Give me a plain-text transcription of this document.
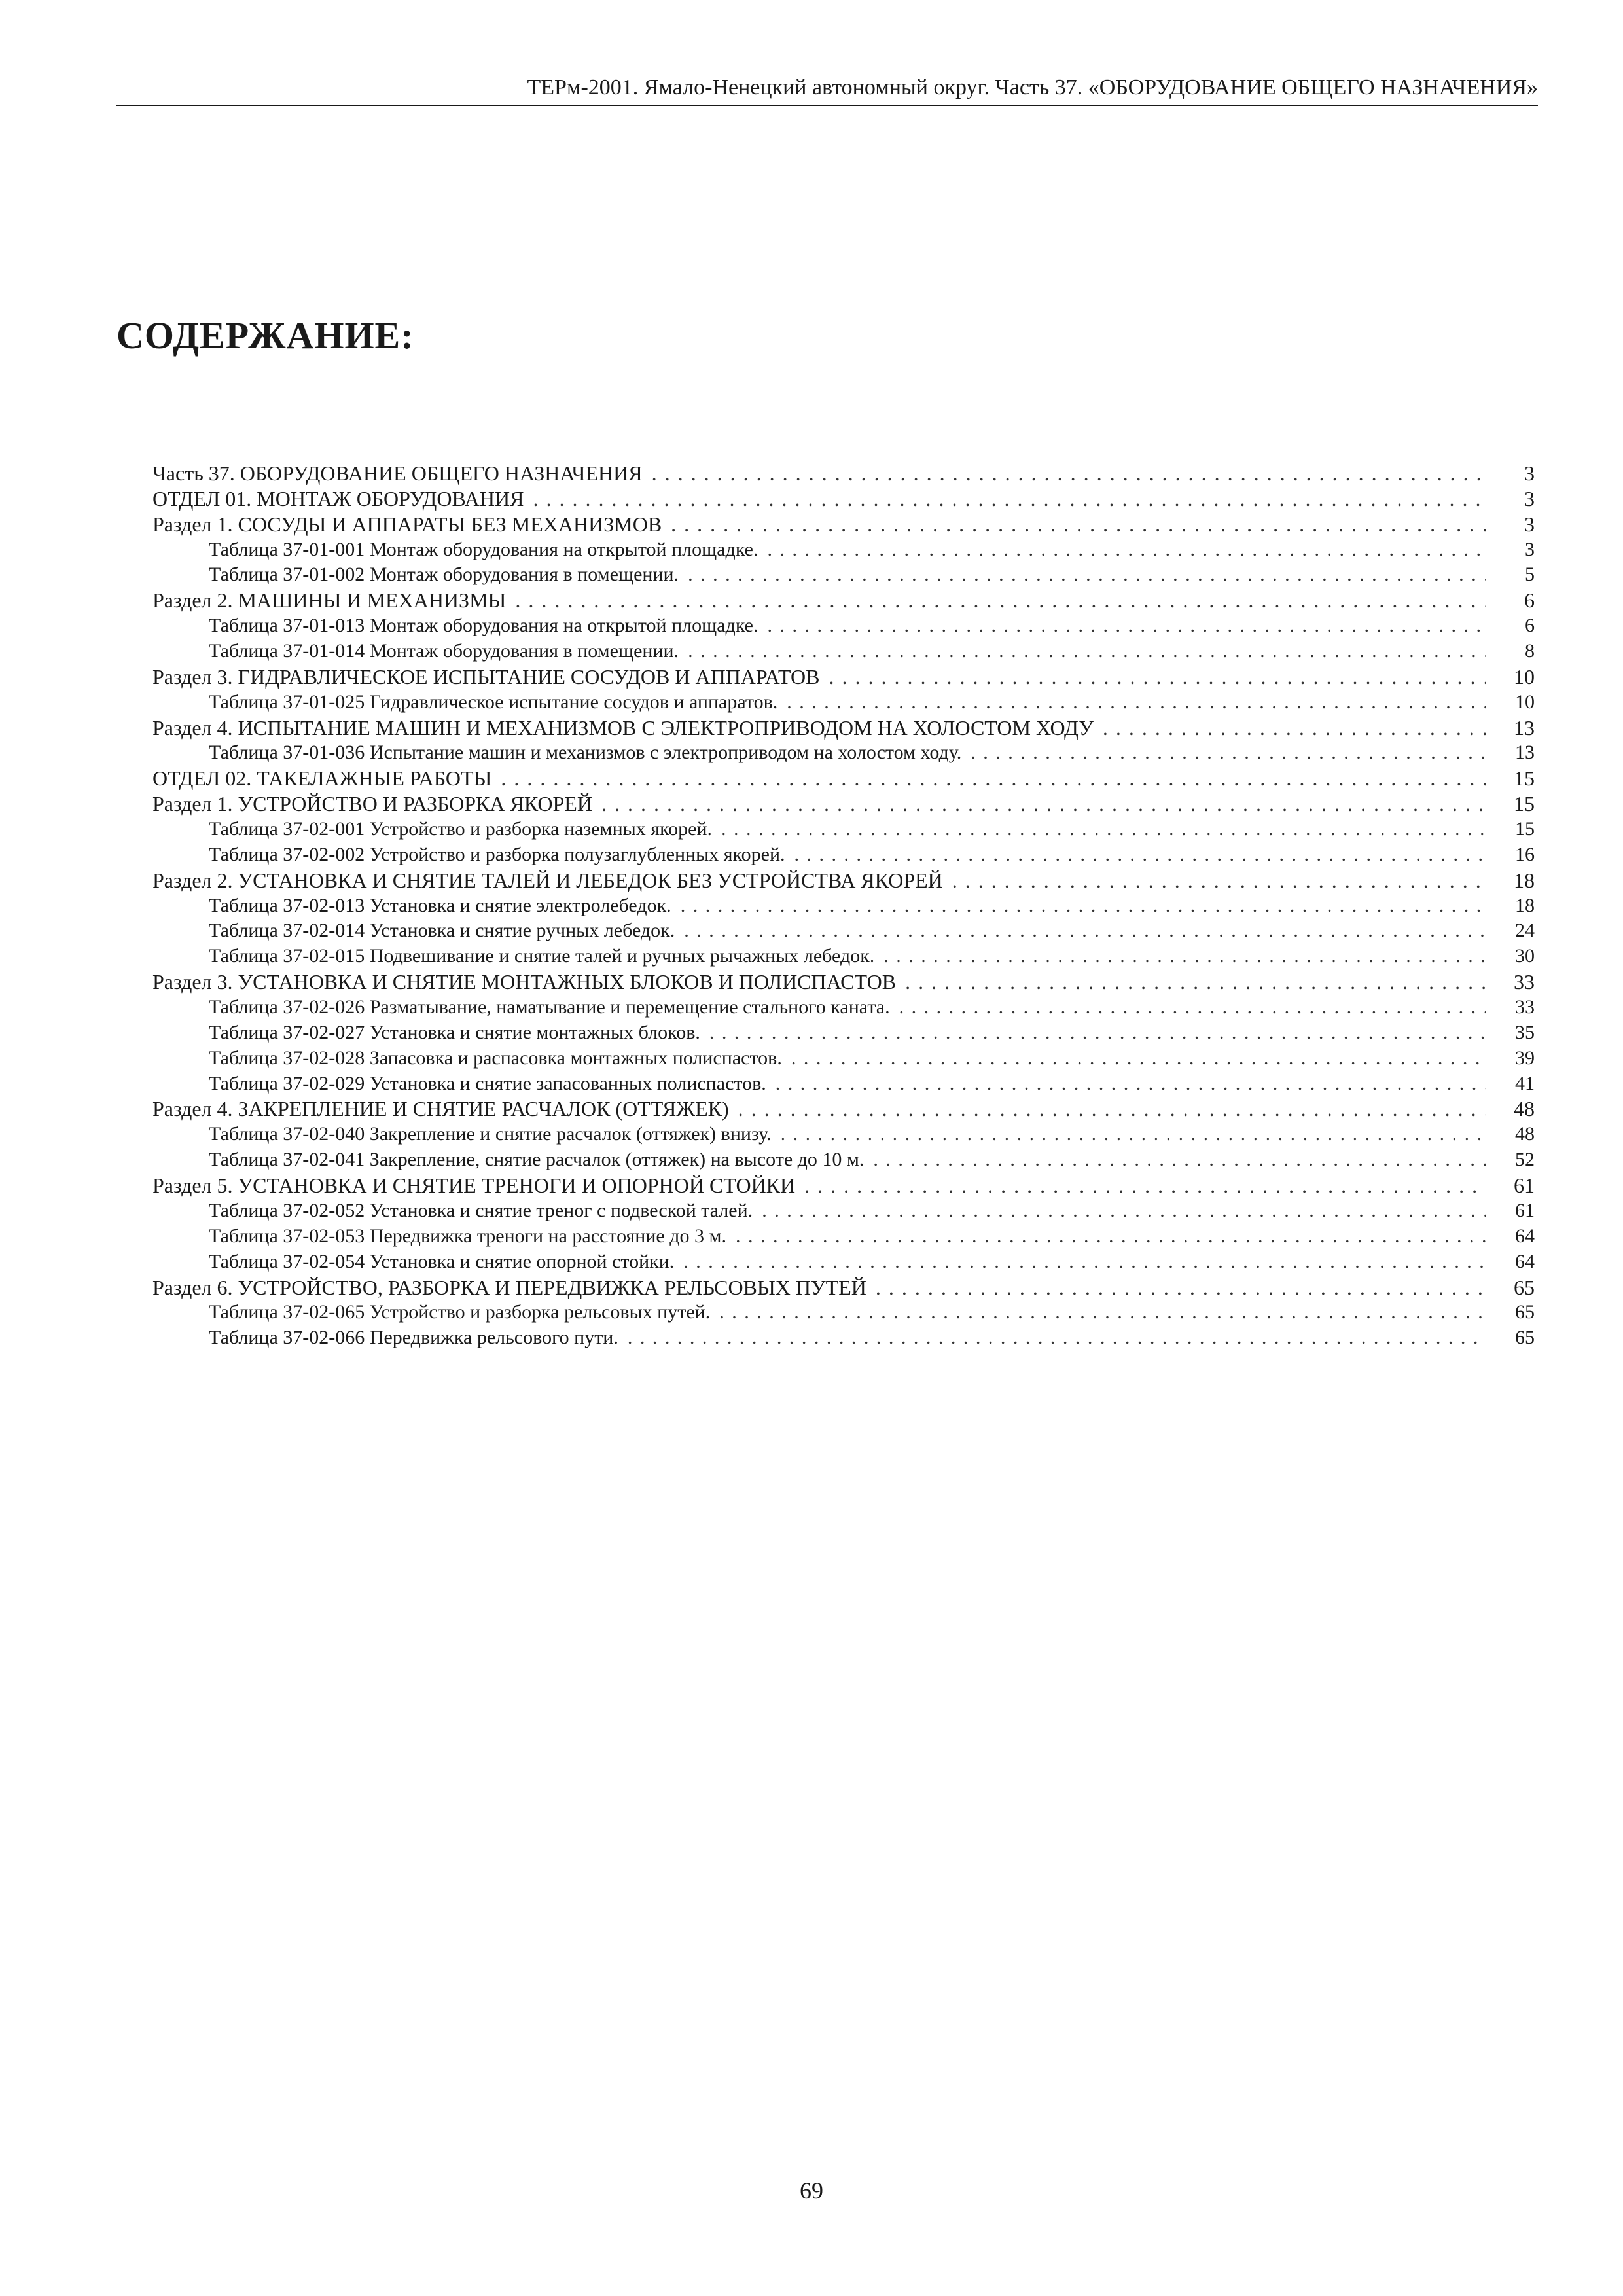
ТЕРм-2001. Ямало-Ненецкий автономный округ. Часть 37. «ОБОРУДОВАНИЕ ОБЩЕГО НАЗНАЧЕНИЯ»
СОДЕРЖАНИЕ:
Часть 37. ОБОРУДОВАНИЕ ОБЩЕГО НАЗНАЧЕНИЯ . . .	3
ОТДЕЛ 01. МОНТАЖ ОБОРУДОВАНИЯ . . .	3
Раздел 1. СОСУДЫ И АППАРАТЫ БЕЗ МЕХАНИЗМОВ . . .	3
Таблица 37-01-001 Монтаж оборудования на открытой площадке. . . .	3
Таблица 37-01-002 Монтаж оборудования в помещении. . . .	5
Раздел 2. МАШИНЫ И МЕХАНИЗМЫ . . .	6
Таблица 37-01-013 Монтаж оборудования на открытой площадке. . . .	6
Таблица 37-01-014 Монтаж оборудования в помещении. . . .	8
Раздел 3. ГИДРАВЛИЧЕСКОЕ ИСПЫТАНИЕ СОСУДОВ И АППАРАТОВ . . .	10
Таблица 37-01-025 Гидравлическое испытание сосудов и аппаратов. . . .	10
Раздел 4. ИСПЫТАНИЕ МАШИН И МЕХАНИЗМОВ С ЭЛЕКТРОПРИВОДОМ НА ХОЛОСТОМ ХОДУ . . .	13
Таблица 37-01-036 Испытание машин и механизмов с электроприводом на холостом ходу. . . .	13
ОТДЕЛ 02. ТАКЕЛАЖНЫЕ РАБОТЫ . . .	15
Раздел 1. УСТРОЙСТВО И РАЗБОРКА ЯКОРЕЙ . . .	15
Таблица 37-02-001 Устройство и разборка наземных якорей. . . .	15
Таблица 37-02-002 Устройство и разборка полузаглубленных якорей. . . .	16
Раздел 2. УСТАНОВКА И СНЯТИЕ ТАЛЕЙ И ЛЕБЕДОК БЕЗ УСТРОЙСТВА ЯКОРЕЙ . . .	18
Таблица 37-02-013 Установка и снятие электролебедок. . . .	18
Таблица 37-02-014 Установка и снятие ручных лебедок. . . .	24
Таблица 37-02-015 Подвешивание и снятие талей и ручных рычажных лебедок. . . .	30
Раздел 3. УСТАНОВКА И СНЯТИЕ МОНТАЖНЫХ БЛОКОВ И ПОЛИСПАСТОВ . . .	33
Таблица 37-02-026 Разматывание, наматывание и перемещение стального каната. . . .	33
Таблица 37-02-027 Установка и снятие монтажных блоков. . . .	35
Таблица 37-02-028 Запасовка и распасовка монтажных полиспастов. . . .	39
Таблица 37-02-029 Установка и снятие запасованных полиспастов. . . .	41
Раздел 4. ЗАКРЕПЛЕНИЕ И СНЯТИЕ РАСЧАЛОК (ОТТЯЖЕК) . . .	48
Таблица 37-02-040 Закрепление и снятие расчалок (оттяжек) внизу. . . .	48
Таблица 37-02-041 Закрепление, снятие расчалок (оттяжек) на высоте до 10 м. . . .	52
Раздел 5. УСТАНОВКА И СНЯТИЕ ТРЕНОГИ И ОПОРНОЙ СТОЙКИ . . .	61
Таблица 37-02-052 Установка и снятие треног с подвеской талей. . . .	61
Таблица 37-02-053 Передвижка треноги на расстояние до 3 м. . . .	64
Таблица 37-02-054 Установка и снятие опорной стойки. . . .	64
Раздел 6. УСТРОЙСТВО, РАЗБОРКА И ПЕРЕДВИЖКА РЕЛЬСОВЫХ ПУТЕЙ . . .	65
Таблица 37-02-065 Устройство и разборка рельсовых путей. . . .	65
Таблица 37-02-066 Передвижка рельсового пути. . . .	65
69
